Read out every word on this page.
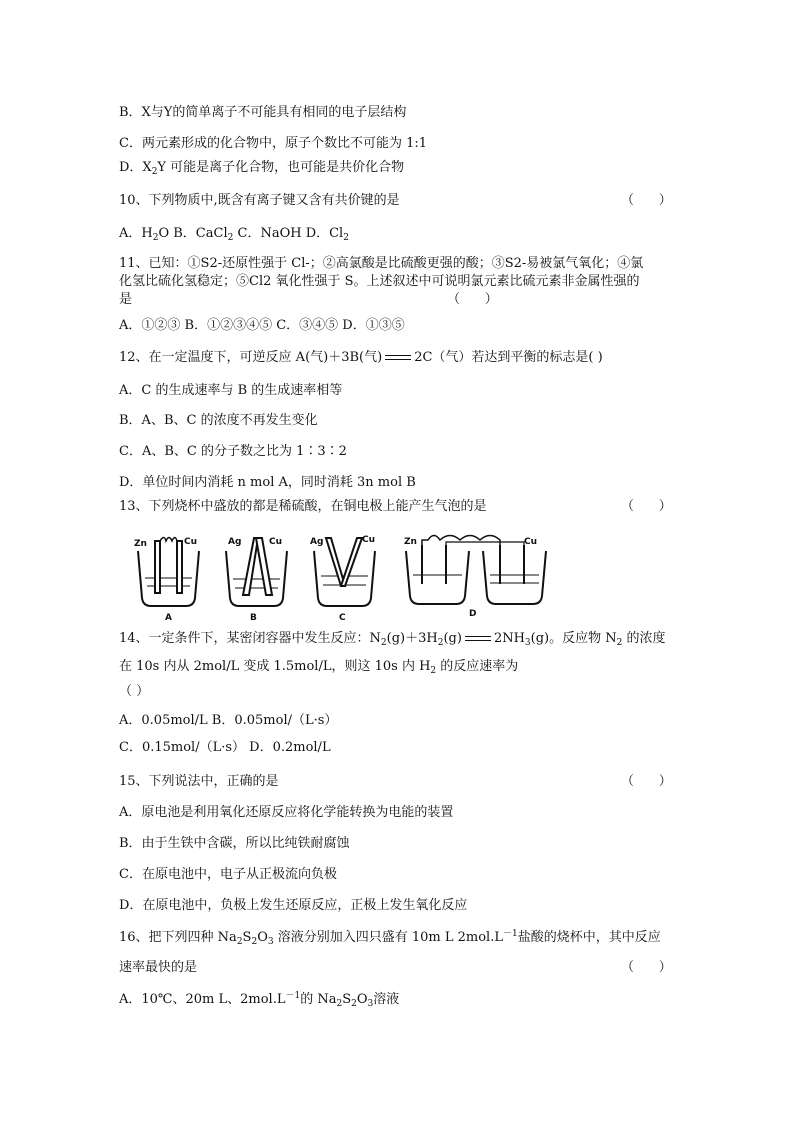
B．X与Y的简单离子不可能具有相同的电子层结构
C．两元素形成的化合物中，原子个数比不可能为 1:1
D．$X_2Y$ 可能是离子化合物，也可能是共价化合物
10、下列物质中,既含有离子键又含有共价键的是	（      ）
A．$H_2O$ B．CaCl$_2$ C．NaOH D．$Cl_2$
11、已知：①S2-还原性强于 Cl-；②高氯酸是比硫酸更强的酸；③S2-易被氯气氧化；④氯
化氢比硫化氢稳定；⑤Cl2 氧化性强于 S。上述叙述中可说明氯元素比硫元素非金属性强的
是	（      ）
A．①②③ B．①②③④⑤ C．③④⑤ D．①③⑤
12、在一定温度下，可逆反应 A(气)＋3B(气) 2C（气）若达到平衡的标志是( )
A．C 的生成速率与 B 的生成速率相等
B．A、B、C 的浓度不再发生变化
C．A、B、C 的分子数之比为 1∶3∶2
D．单位时间内消耗 n mol A，同时消耗 3n mol B
13、下列烧杯中盛放的都是稀硫酸，在铜电极上能产生气泡的是	（      ）
Zn	Cu
A
Ag	Cu
B
Ag	Cu
C
Zn	Cu
D
14、一定条件下，某密闭容器中发生反应：$N_2(g)+3H_2(g)$ $2NH_3(g)$。反应物 $N_2$ 的浓度
在 10s 内从 2mol/L 变成 1.5mol/L，则这 10s 内 $H_2$ 的反应速率为
（ ）
A．0.05mol/L B．0.05mol/（L·s）
C．0.15mol/（L·s） D．0.2mol/L
15、下列说法中，正确的是	（      ）
A．原电池是利用氧化还原反应将化学能转换为电能的装置
B．由于生铁中含碳，所以比纯铁耐腐蚀
C．在原电池中，电子从正极流向负极
D．在原电池中，负极上发生还原反应，正极上发生氧化反应
16、把下列四种 $Na_2S_2O_3$ 溶液分别加入四只盛有 10m L $2mol.L^{-1}$盐酸的烧杯中，其中反应
速率最快的是	（      ）
A．10℃、20m L、$2mol.L^{-1}$的 $Na_2S_2O_3$溶液
